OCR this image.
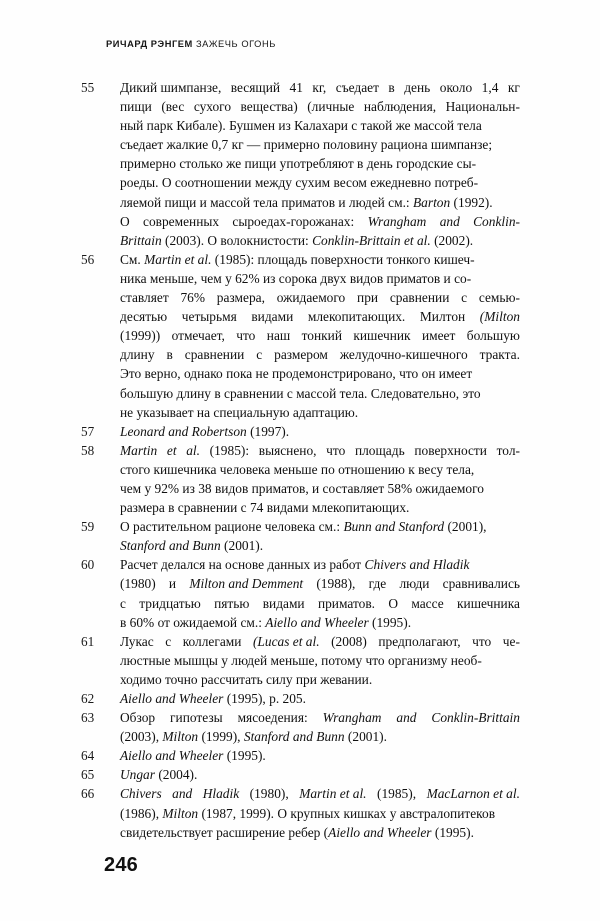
РИЧАРД РЭНГЕМ ЗАЖЕЧЬ ОГОНЬ
55	Дикий шимпанзе, весящий 41 кг, съедает в день около 1,4 кг
пищи (вес сухого вещества) (личные наблюдения, Национальн-
ный парк Кибале). Бушмен из Калахари с такой же массой тела
съедает жалкие 0,7 кг — примерно половину рациона шимпанзе;
примерно столько же пищи употребляют в день городские сы-
роеды. О соотношении между сухим весом ежедневно потреб-
ляемой пищи и массой тела приматов и людей см.: Barton (1992).
О современных сыроедах-горожанах: Wrangham and Conklin-
Brittain (2003). О волокнистости: Conklin-Brittain et al. (2002).
56	См. Martin et al. (1985): площадь поверхности тонкого кишеч-
ника меньше, чем у 62% из сорока двух видов приматов и со-
ставляет 76% размера, ожидаемого при сравнении с семью-
десятью четырьмя видами млекопитающих. Милтон (Milton
(1999)) отмечает, что наш тонкий кишечник имеет большую
длину в сравнении с размером желудочно-кишечного тракта.
Это верно, однако пока не продемонстрировано, что он имеет
большую длину в сравнении с массой тела. Следовательно, это
не указывает на специальную адаптацию.
57	Leonard and Robertson (1997).
58	Martin et al. (1985): выяснено, что площадь поверхности тол-
стого кишечника человека меньше по отношению к весу тела,
чем у 92% из 38 видов приматов, и составляет 58% ожидаемого
размера в сравнении с 74 видами млекопитающих.
59	О растительном рационе человека см.: Bunn and Stanford (2001),
Stanford and Bunn (2001).
60	Расчет делался на основе данных из работ Chivers and Hladik
(1980) и Milton and Demment (1988), где люди сравнивались
с тридцатью пятью видами приматов. О массе кишечника
в 60% от ожидаемой см.: Aiello and Wheeler (1995).
61	Лукас с коллегами (Lucas et al. (2008) предполагают, что че-
люстные мышцы у людей меньше, потому что организму необ-
ходимо точно рассчитать силу при жевании.
62	Aiello and Wheeler (1995), p. 205.
63	Обзор гипотезы мясоедения: Wrangham and Conklin-Brittain
(2003), Milton (1999), Stanford and Bunn (2001).
64	Aiello and Wheeler (1995).
65	Ungar (2004).
66	Chivers and Hladik (1980), Martin et al. (1985), MacLarnon et al.
(1986), Milton (1987, 1999). О крупных кишках у австралопитеков
свидетельствует расширение ребер (Aiello and Wheeler (1995).
246
